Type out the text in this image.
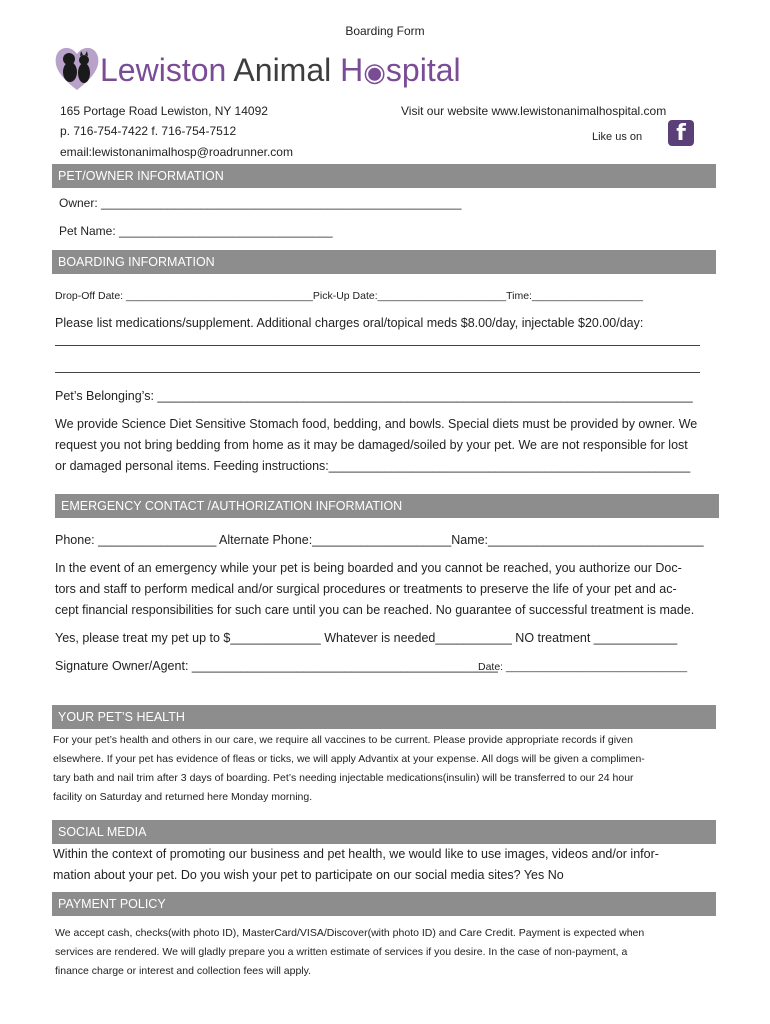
Boarding Form
Lewiston Animal H◉spital
165 Portage Road Lewiston, NY 14092
p. 716-754-7422 f. 716-754-7512
email:lewistonanimalhosp@roadrunner.com
Visit our website www.lewistonanimalhospital.com
Like us on	f
PET/OWNER INFORMATION
Owner: ______________________________________________________
Pet Name: ________________________________
BOARDING INFORMATION
Drop-Off Date: ________________________________Pick-Up Date:______________________Time:___________________
Please list medications/supplement. Additional charges oral/topical meds $8.00/day, injectable $20.00/day:
Pet’s Belonging’s: _____________________________________________________________________________
We provide Science Diet Sensitive Stomach food, bedding, and bowls. Special diets must be provided by owner. We
request you not bring bedding from home as it may be damaged/soiled by your pet. We are not responsible for lost
or damaged personal items. Feeding instructions:____________________________________________________
EMERGENCY CONTACT /AUTHORIZATION INFORMATION
Phone: _________________ Alternate Phone:____________________Name:_______________________________
In the event of an emergency while your pet is being boarded and you cannot be reached, you authorize our Doc-
tors and staff to perform medical and/or surgical procedures or treatments to preserve the life of your pet and ac-
cept financial responsibilities for such care until you can be reached. No guarantee of successful treatment is made.
Yes, please treat my pet up to $_____________ Whatever is needed___________ NO treatment ____________
Signature Owner/Agent: ____________________________________________
Date: _______________________________
YOUR PET’S HEALTH
For your pet’s health and others in our care, we require all vaccines to be current. Please provide appropriate records if given
elsewhere. If your pet has evidence of fleas or ticks, we will apply Advantix at your expense. All dogs will be given a complimen-
tary bath and nail trim after 3 days of boarding. Pet’s needing injectable medications(insulin) will be transferred to our 24 hour
facility on Saturday and returned here Monday morning.
SOCIAL MEDIA
Within the context of promoting our business and pet health, we would like to use images, videos and/or infor-
mation about your pet. Do you wish your pet to participate on our social media sites? Yes No
PAYMENT POLICY
We accept cash, checks(with photo ID), MasterCard/VISA/Discover(with photo ID) and Care Credit. Payment is expected when
services are rendered. We will gladly prepare you a written estimate of services if you desire. In the case of non-payment, a
finance charge or interest and collection fees will apply.
